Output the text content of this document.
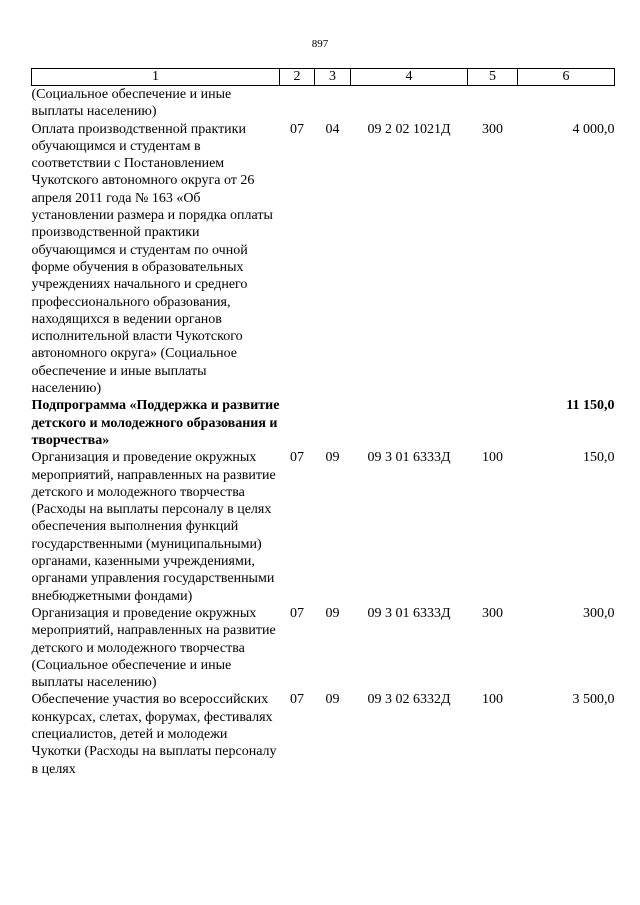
897
1	2	3	4	5	6
(Социальное обеспечение и иные выплаты населению)					
Оплата производственной практики обучающимся и студентам в соответствии с Постановлением Чукотского автономного округа от 26 апреля 2011 года № 163 «Об установлении размера и порядка оплаты производственной практики обучающимся и студентам по очной форме обучения в образовательных учреждениях начального и среднего профессионального образования, находящихся в ведении органов исполнительной власти Чукотского автономного округа» (Социальное обеспечение и иные выплаты населению)	07	04	09 2 02 1021Д	300	4 000,0
Подпрограмма «Поддержка и развитие детского и молодежного образования и творчества»					11 150,0
Организация и проведение окружных мероприятий, направленных на развитие детского и молодежного творчества (Расходы на выплаты персоналу в целях обеспечения выполнения функций государственными (муниципальными) органами, казенными учреждениями, органами управления государственными внебюджетными фондами)	07	09	09 3 01 6333Д	100	150,0
Организация и проведение окружных мероприятий, направленных на развитие детского и молодежного творчества (Социальное обеспечение и иные выплаты населению)	07	09	09 3 01 6333Д	300	300,0
Обеспечение участия во всероссийских конкурсах, слетах, форумах, фестивалях специалистов, детей и молодежи Чукотки (Расходы на выплаты персоналу в целях	07	09	09 3 02 6332Д	100	3 500,0
